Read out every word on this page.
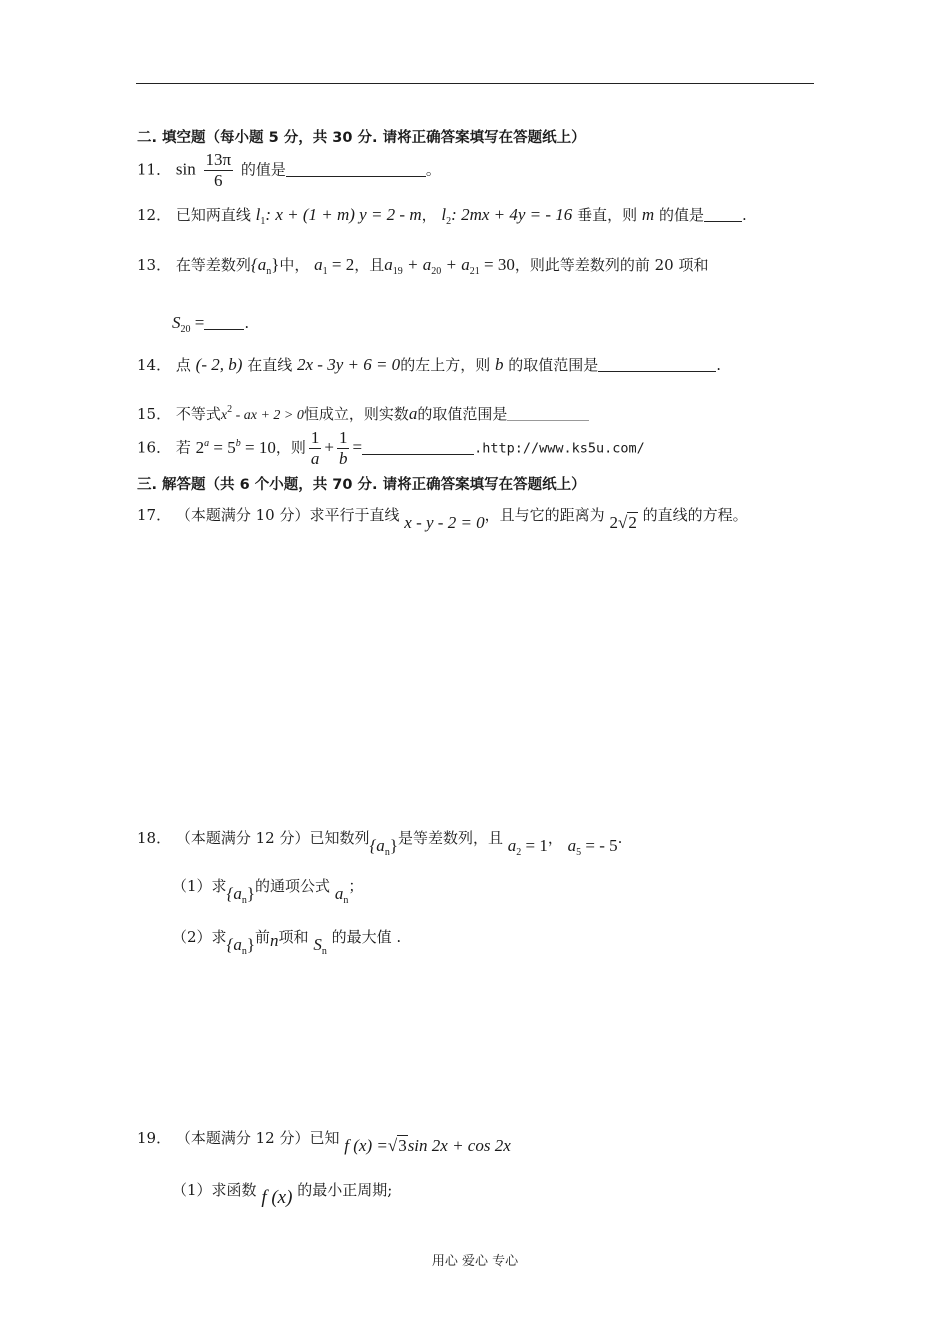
二. 填空题（每小题 5 分，共 30 分. 请将正确答案填写在答题纸上）
11． $\sin \frac{13\pi}{6}$ 的值是	。
12． 已知两直线 $l_1$: x + (1 + m) y = 2 - m， $l_2$: 2mx + 4y = - 16 垂直，则 m 的值是	.
13． 在等差数列$\{a_n\}$中， $a_1 = 2$，且$a_{19} + a_{20} + a_{21} = 30$，则此等差数列的前 20 项和
$S_{20}$ =	.
14． 点 (- 2, b) 在直线 2x - 3y + 6 = 0的左上方，则 b 的取值范围是	.
15． 不等式$x^2$ - ax + 2 > 0恒成立，则实数a的取值范围是
16． 若 $2^a = 5^b = 10$，则 $\frac{1}{a} + \frac{1}{b}$ =	.http://www.ks5u.com/
三. 解答题（共 6 个小题，共 70 分. 请将正确答案填写在答题纸上）
17． （本题满分 10 分）求平行于直线 x - y - 2 = 0，且与它的距离为 2√2 的直线的方程。
18． （本题满分 12 分）已知数列$\{a_n\}$是等差数列，且 $a_2 = 1$， $a_5$ = - 5.
（1）求$\{a_n\}$的通项公式 $a_n$；
（2）求$\{a_n\}$前n项和 $S_n$ 的最大值 .
19． （本题满分 12 分）已知 f (x) =√3sin 2x + cos 2x
（1）求函数 f (x) 的最小正周期;
用心 爱心 专心
